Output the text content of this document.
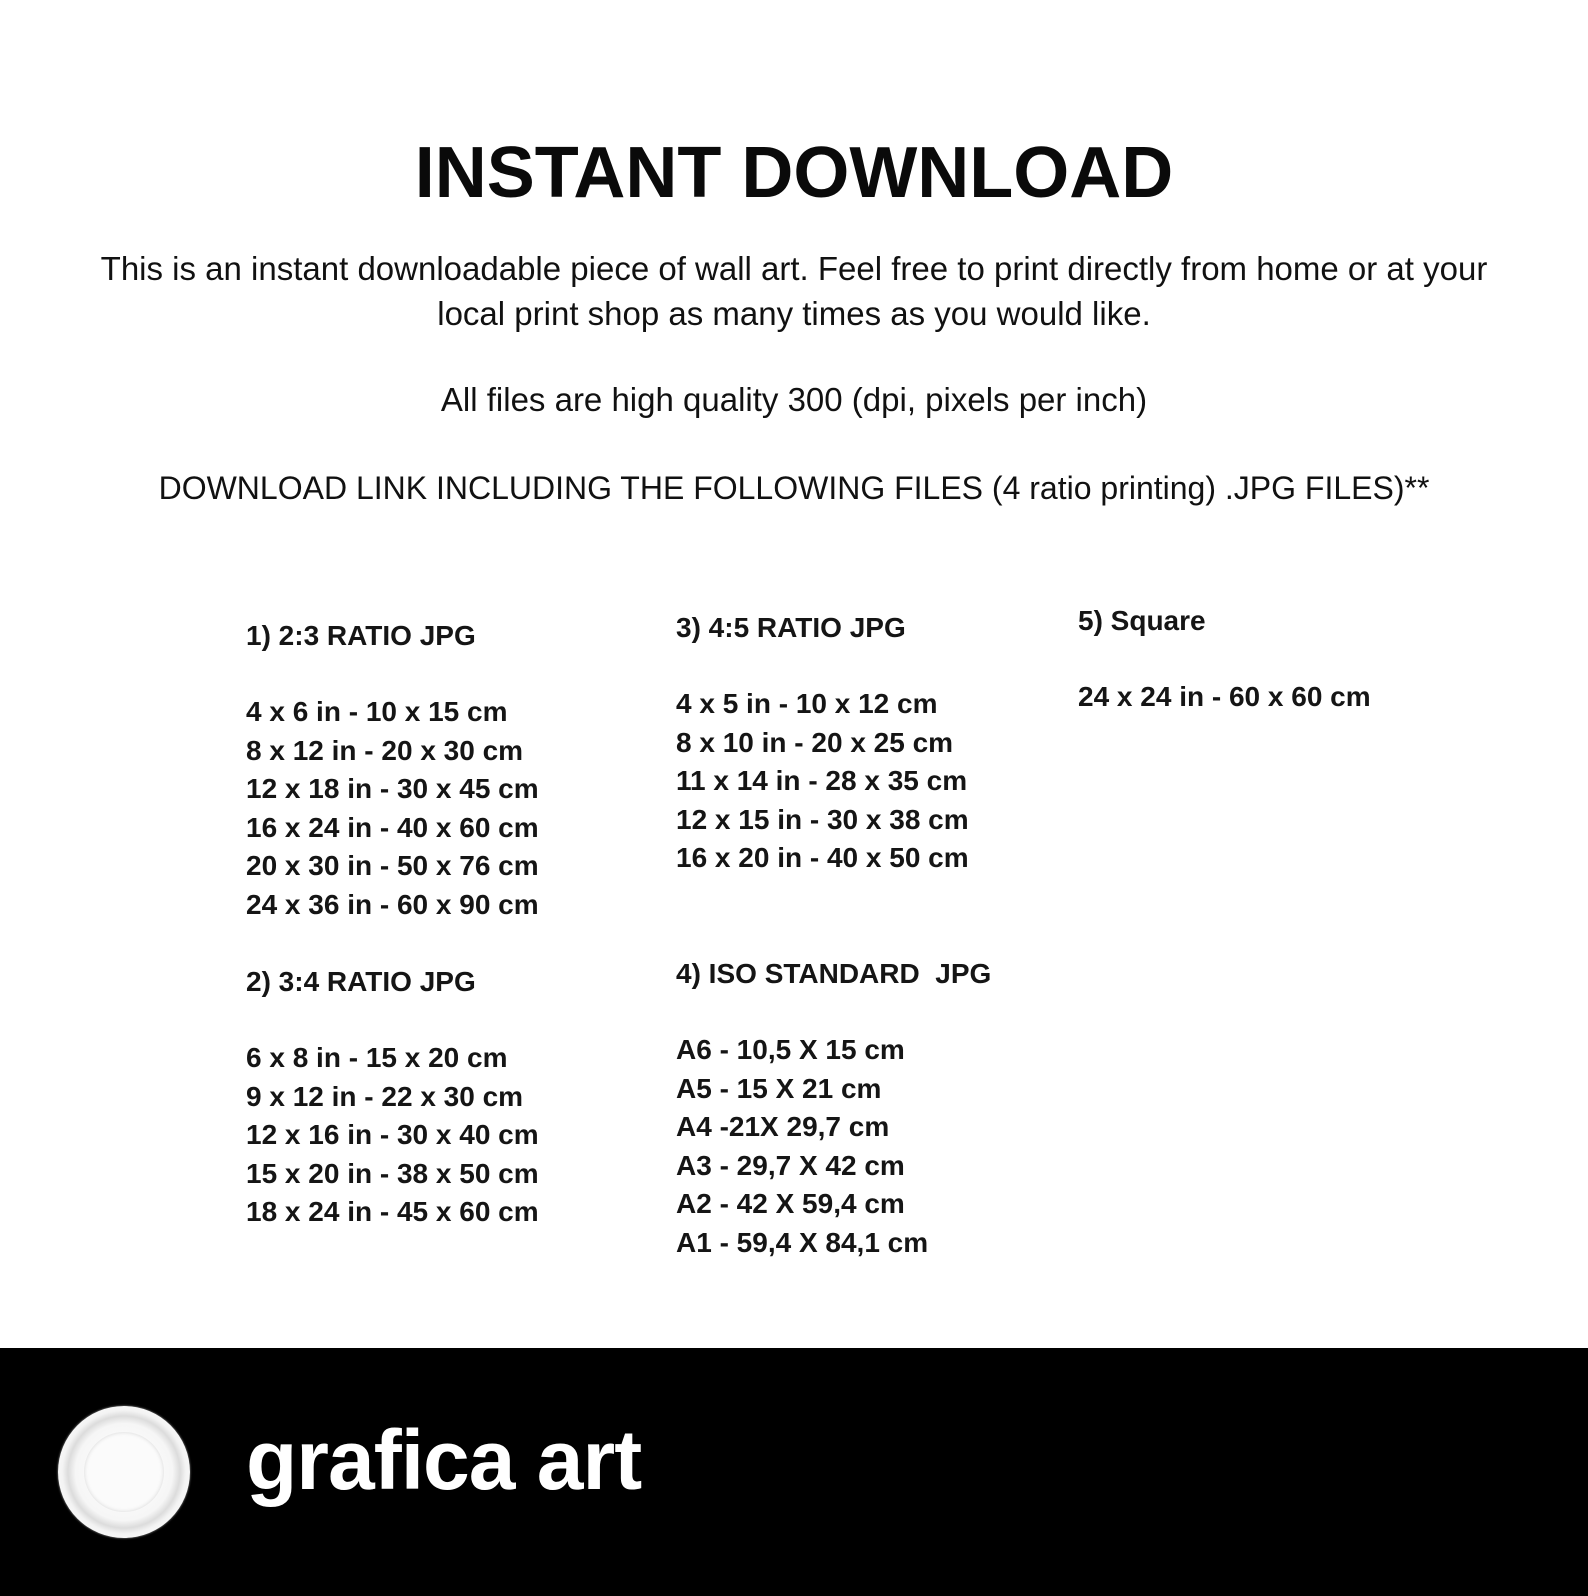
INSTANT DOWNLOAD

This is an instant downloadable piece of wall art. Feel free to print directly from home or at your local print shop as many times as you would like.

All files are high quality 300 (dpi, pixels per inch)

DOWNLOAD LINK INCLUDING THE FOLLOWING FILES (4 ratio printing) .JPG FILES)**

1) 2:3 RATIO JPG
4 x 6 in - 10 x 15 cm
8 x 12 in - 20 x 30 cm
12 x 18 in - 30 x 45 cm
16 x 24 in - 40 x 60 cm
20 x 30 in - 50 x 76 cm
24 x 36 in - 60 x 90 cm
2) 3:4 RATIO JPG
6 x 8 in - 15 x 20 cm
9 x 12 in - 22 x 30 cm
12 x 16 in - 30 x 40 cm
15 x 20 in - 38 x 50 cm
18 x 24 in - 45 x 60 cm
3) 4:5 RATIO JPG
4 x 5 in - 10 x 12 cm
8 x 10 in - 20 x 25 cm
11 x 14 in - 28 x 35 cm
12 x 15 in - 30 x 38 cm
16 x 20 in - 40 x 50 cm
4) ISO STANDARD  JPG
A6 - 10,5 X 15 cm
A5 - 15 X 21 cm
A4 -21X 29,7 cm
A3 - 29,7 X 42 cm
A2 - 42 X 59,4 cm
A1 - 59,4 X 84,1 cm
5) Square
24 x 24 in - 60 x 60 cm
grafica art
